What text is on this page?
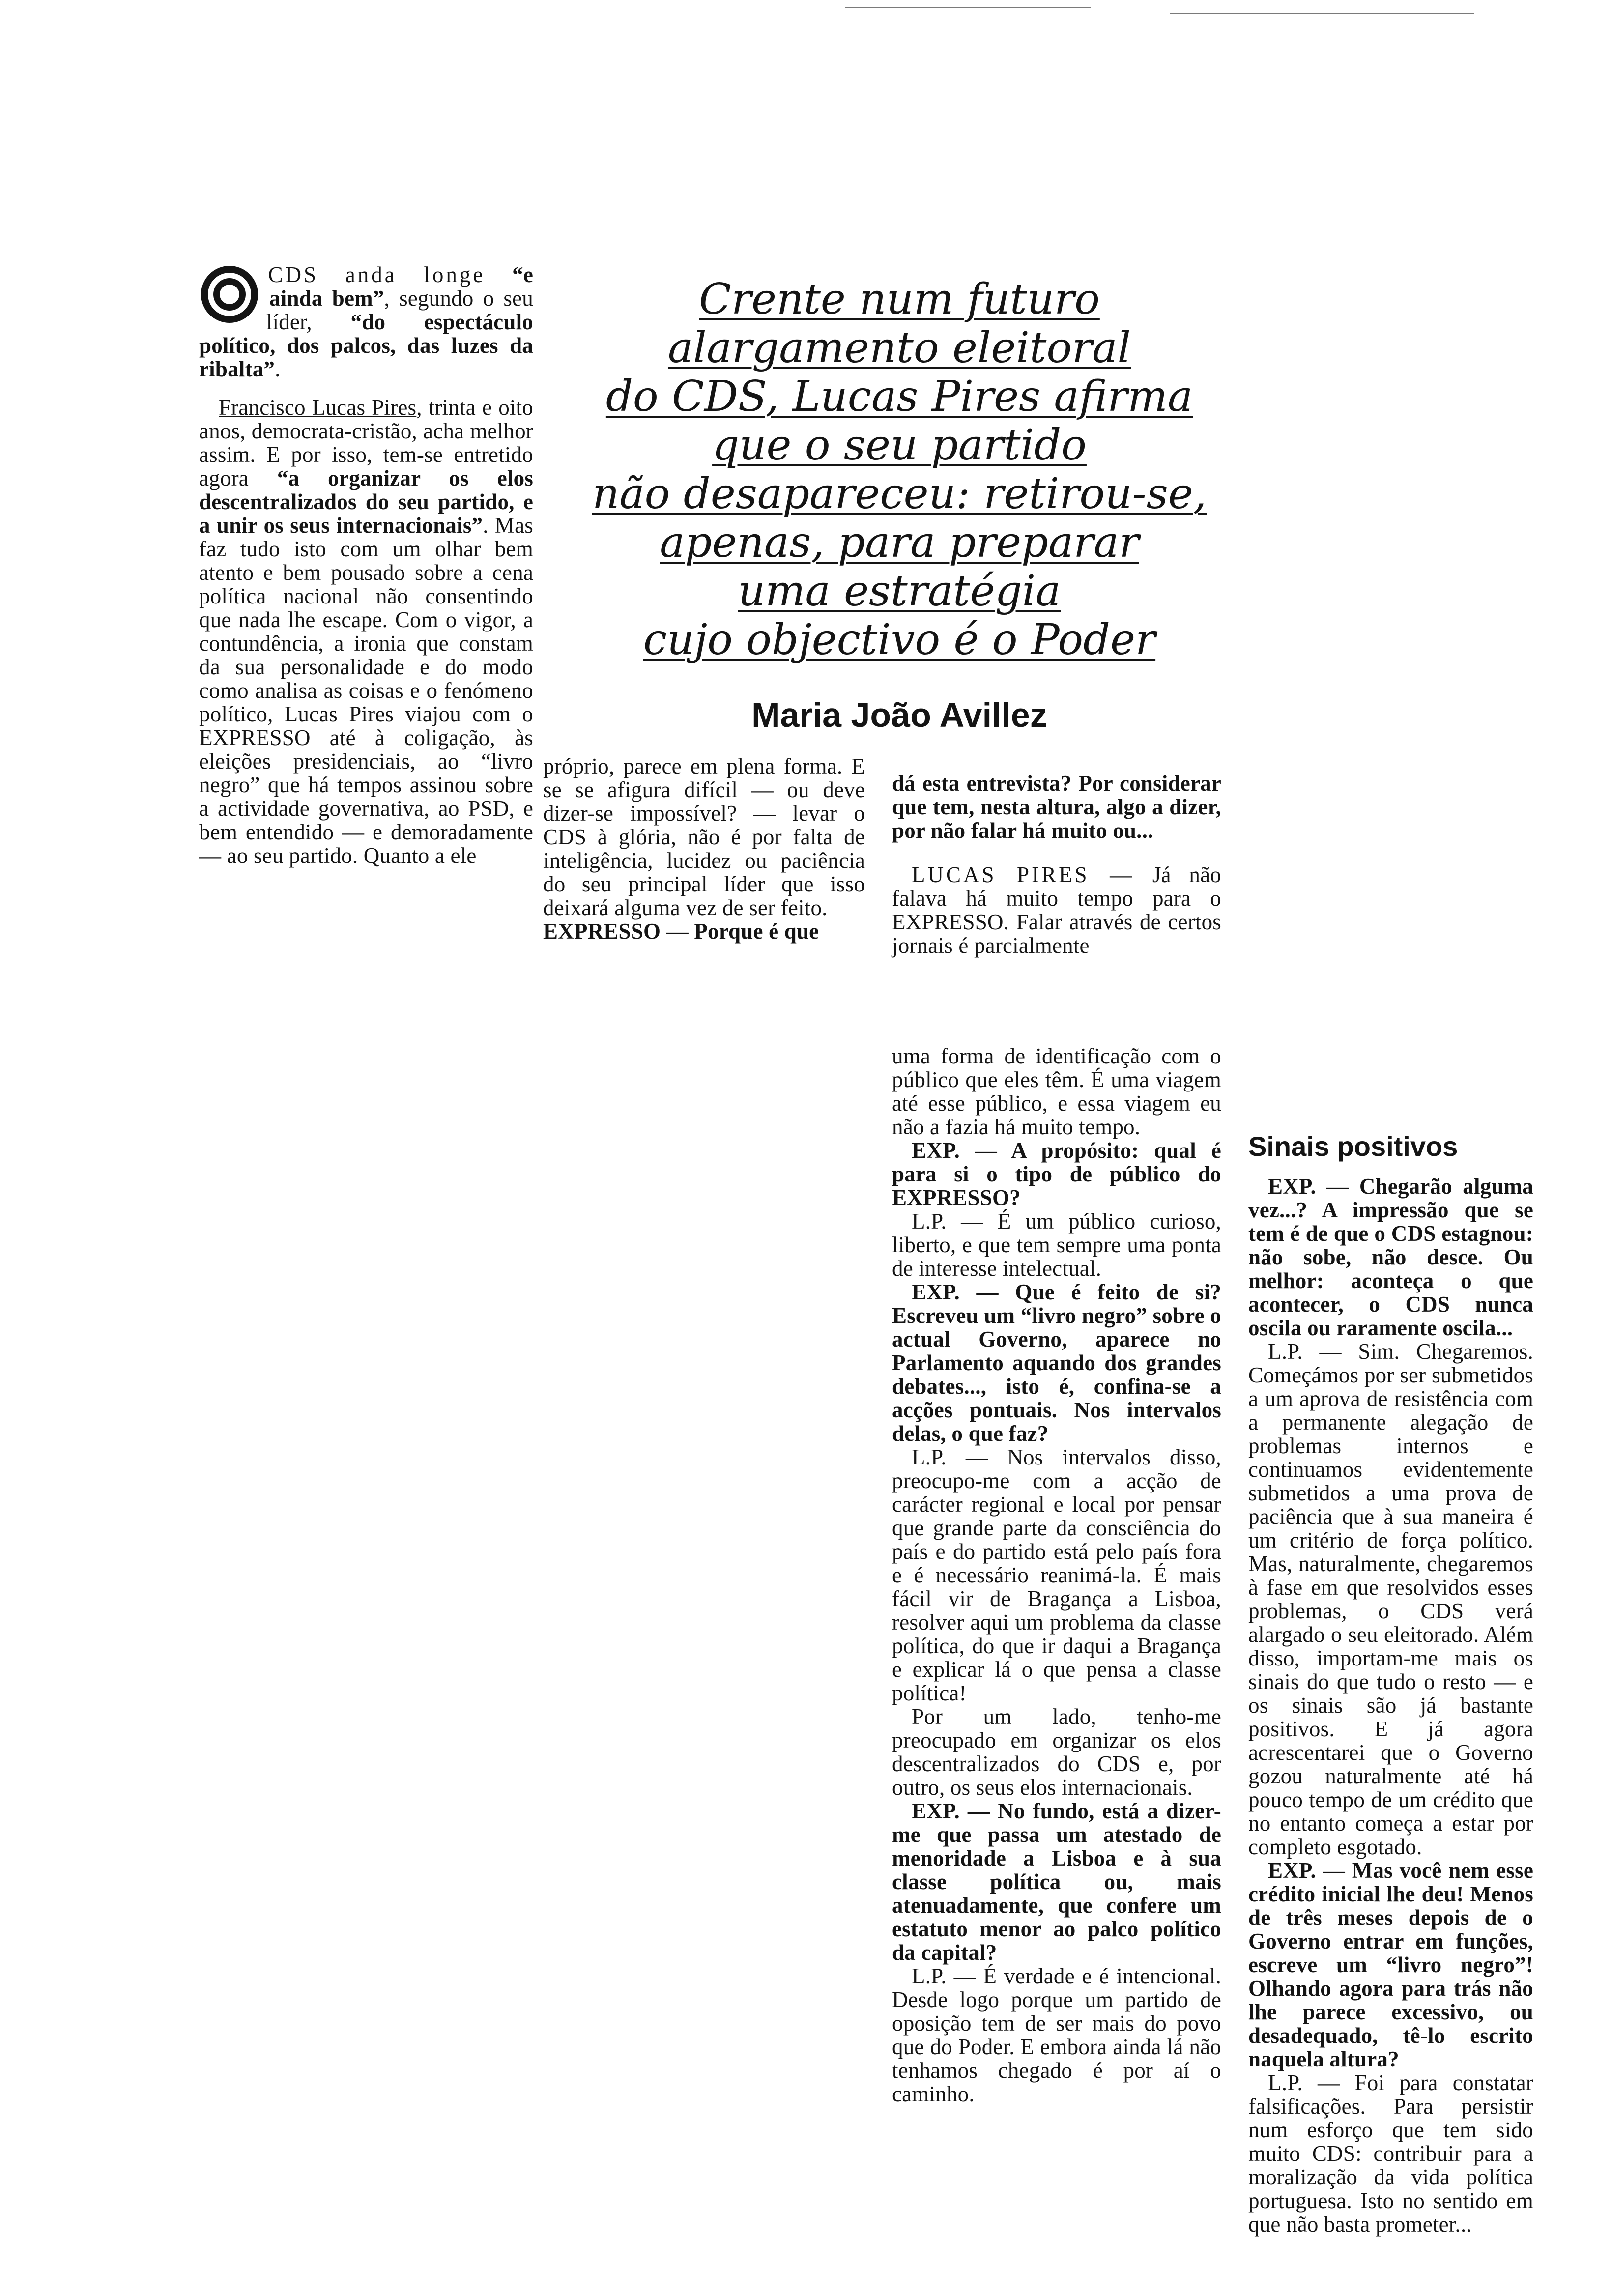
CDS anda longe “e ainda bem”, segundo o seu líder, “do espectáculo político, dos palcos, das luzes da ribalta”.

Francisco Lucas Pires, trinta e oito anos, democrata-cristão, acha melhor assim. E por isso, tem-se entretido agora “a organizar os elos descentralizados do seu partido, e a unir os seus internacionais”. Mas faz tudo isto com um olhar bem atento e bem pousado sobre a cena política nacional não consentindo que nada lhe escape. Com o vigor, a contundência, a ironia que constam da sua personalidade e do modo como analisa as coisas e o fenómeno político, Lucas Pires viajou com o EXPRESSO até à coligação, às eleições presidenciais, ao “livro negro” que há tempos assinou sobre a actividade governativa, ao PSD, e bem entendido — e demoradamente — ao seu partido. Quanto a ele

Crente num futuro
alargamento eleitoral
do CDS, Lucas Pires afirma
que o seu partido
não desapareceu: retirou-se,
apenas, para preparar
uma estratégia
cujo objectivo é o Poder
Maria João Avillez

próprio, parece em plena forma. E se se afigura difícil — ou deve dizer-se impossível? — levar o CDS à glória, não é por falta de inteligência, lucidez ou paciência do seu principal líder que isso deixará alguma vez de ser feito.

EXPRESSO — Porque é que

dá esta entrevista? Por considerar que tem, nesta altura, algo a dizer, por não falar há muito ou...

LUCAS PIRES — Já não falava há muito tempo para o EXPRESSO. Falar através de certos jornais é parcialmente

uma forma de identificação com o público que eles têm. É uma viagem até esse público, e essa viagem eu não a fazia há muito tempo.

EXP. — A propósito: qual é para si o tipo de público do EXPRESSO?

L.P. — É um público curioso, liberto, e que tem sempre uma ponta de interesse intelectual.

EXP. — Que é feito de si? Escreveu um “livro negro” sobre o actual Governo, aparece no Parlamento aquando dos grandes debates..., isto é, confina-se a acções pontuais. Nos intervalos delas, o que faz?

L.P. — Nos intervalos disso, preocupo-me com a acção de carácter regional e local por pensar que grande parte da consciência do país e do partido está pelo país fora e é necessário reanimá-la. É mais fácil vir de Bragança a Lisboa, resolver aqui um problema da classe política, do que ir daqui a Bragança e explicar lá o que pensa a classe política!

Por um lado, tenho-me preocupado em organizar os elos descentralizados do CDS e, por outro, os seus elos internacionais.

EXP. — No fundo, está a dizer-me que passa um atestado de menoridade a Lisboa e à sua classe política ou, mais atenuadamente, que confere um estatuto menor ao palco político da capital?

L.P. — É verdade e é intencional. Desde logo porque um partido de oposição tem de ser mais do povo que do Poder. E embora ainda lá não tenhamos chegado é por aí o caminho.

Sinais positivos

EXP. — Chegarão alguma vez...? A impressão que se tem é de que o CDS estagnou: não sobe, não desce. Ou melhor: aconteça o que acontecer, o CDS nunca oscila ou raramente oscila...

L.P. — Sim. Chegaremos. Começámos por ser submetidos a um aprova de resistência com a permanente alegação de problemas internos e continuamos evidentemente submetidos a uma prova de paciência que à sua maneira é um critério de força político. Mas, naturalmente, chegaremos à fase em que resolvidos esses problemas, o CDS verá alargado o seu eleitorado. Além disso, importam-me mais os sinais do que tudo o resto — e os sinais são já bastante positivos. E já agora acrescentarei que o Governo gozou naturalmente até há pouco tempo de um crédito que no entanto começa a estar por completo esgotado.

EXP. — Mas você nem esse crédito inicial lhe deu! Menos de três meses depois de o Governo entrar em funções, escreve um “livro negro”! Olhando agora para trás não lhe parece excessivo, ou desadequado, tê-lo escrito naquela altura?

L.P. — Foi para constatar falsificações. Para persistir num esforço que tem sido muito CDS: contribuir para a moralização da vida política portuguesa. Isto no sentido em que não basta prometer...
